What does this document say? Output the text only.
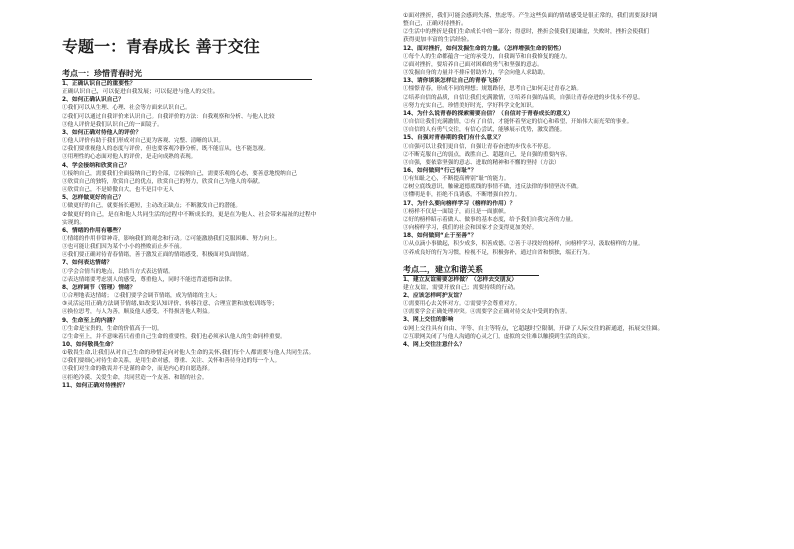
专题一：青春成长 善于交往
考点一：珍惜青春时光
1、正确认识自己的重要性？
正确认识自己，可以促进自我发展；可以促进与他人的交往。
2、如何正确认识自己？
①我们可以从生理、心理、社会等方面来认识自己。
②我们可以通过自我评价来认识自己。自我评价的方法：自我观察和分析、与他人比较
③他人评价是我们认识自己的一面镜子。
3、如何正确对待他人的评价？
①他人评价有助于我们形成对自己更为客观、完整、清晰的认识。
②我们要重视他人的态度与评价，但也要客观冷静分析，既不能盲从，也不能忽视。
③用理性的心态面对他人的评价，是走向成熟的表现。
4、学会接纳和欣赏自己？
①接纳自己，需要我们全面接纳自己的全部，②接纳自己，需要乐观的心态，要善意地悦纳自己
③欣赏自己的独特，欣赏自己的优点，欣赏自己的努力，欣赏自己为他人的奉献。
④欣赏自己，不是娇傲自大，也不是目中无人
5、怎样做更好的自己？
①做更好的自己，就要扬长避短，主动改正缺点；不断激发自己的潜能。
②做更好的自己，是在和他人共同生活的过程中不断成长的，更是在为他人、社会带来福祉的过程中
实现的。
6、情绪的作用有哪些？
①情绪的作用非常神奇，影响我们的观念和行动。②可能激励我们克服困难、努力向上。
③也可能让我们因为某个小小的挫败而止步不前。
④我们要正确对待青春情绪，善于激发正面的情绪感受，积极面对负面情绪。
7、如何表达情绪？
①学会合情当的地点，以恰当方式表达情绪。
②表达情绪要考虑别人的感受，尊重他人，同时不能违背道德和法律。
8、怎样调节（管理）情绪？
①合理地表达情绪； ②我们要学会调节情绪，成为情绪的主人；
③灵活运用正确方法调节情绪,如改变认知评价、转移注意、合理宣泄和放松训练等；
④换位思考，与人为善，顺及他人感受，不得损害他人利益。
9、生命至上的内涵？
①生命是宝贵的，生命的价值高于一切。
②生命至上，并不意味着只看重自己生命的重要性，我们也必须承认他人的生命同样重要。
10、如何敬畏生命？
①敬畏生命,让我们从对自己生命的珍惜走向对他人生命的关怀,我们每个人都需要与他人共同生活。
②我们要细心对待生命关系，是用生命对感，尊重、关注、关怀和善待身边的每一个人。
③我们对生命的敬畏并不是谨的命令，而是内心的自愿选择。
④拒绝冷漠、关爱生命，共同营造一个友善、和谐的社会。
11、如何正确对待挫折？
①面对挫折，我们可能会感到失落、焦虑等。产生这些负面的情绪感受是很正常的，我们需要及时调
整自己，正确对待挫折。
②生活中的挫折是我们生命成长中的一部分；得意时，挫折会使我们更谦虚，失败时，挫折会使我们
获得更加丰富的生活经验。
12、面对挫折，如何发掘生命的力量。（怎样增强生命的韧性）
①每个人的生命都蕴含一定的承受力，自我调节和自我修复的能力。
②面对挫折，要培养自己面对困难的勇气和坚强的意志。
③发掘自身的力量并不排斥借助外力，学会向他人求助助。
13、请你谈谈怎样让自己的青春飞扬？
①憧憬青春，形成不同的理想；规划路径，思考自己如何走过青春之路。
②培养自信的品质，自信让我们充满激情，③培养自强的品质，自强让青春奋进的步伐永不停息。
④努力充实自己，珍惜美好时光，学好科学文化知识。
14、为什么说青春的探索需要自信？（自信对于青春成长的意义）
①自信让我们充满激情，②有了自信，才能怀着坚定的信心和希望，开始伟大而光荣的事业。
③自信的人有勇气交往，有信心尝试，能够展示优势，激发潜能。
15、自强对青春期的我们有什么意义？
①自强可以让我们更自信，自强让青春奋进的步伐永不停息。
②不断克服自己的弱点，战胜自己、超越自己，是自强的重要内容。
③自强，要依靠坚强的意志、进取的精神和不懈的坚持（方法）
16、如何做到“行己有耻”？
①有知耻之心，不断提高辨别“耻”的能力。
②树立底线意识，触碰道德底线的事情不做，违反法律的事情坚决不做。
③懂明是非，拒绝不良诱惑，不断增强自控力。
17、为什么要向榜样学习（榜样的作用）？
①榜样不仅是一面镜子，而且是一面旗帜。
②好的榜样昭示着做人、做事的基本态度，给予我们自我完善的力量。
③向榜样学习，我们的社会和国家才会变得更加美好。
18、如何做到“止于至善”？
①从点滴小事做起，积少成多，积善成德。②善于寻找好的榜样，向榜样学习，汲取榜样的力量。
③养成良好的行为习惯，检视不足，积极弥补，通过自省和慎独，端正行为。
考点二，建立和谐关系
1、建立友谊需要怎样做？（怎样去交朋友）
建立友谊，需要开放自己；需要持续的行动。
2、应该怎样呵护友谊？
①需要用心去关怀对方。②需要学会尊重对方。
③需要学会正确处理冲突。④需要学会正确对待交友中受到的伤害。
3、网上交往的影响
①网上交往具有自由、平等、自主等特点，它超越时空限制，开辟了人际交往的新通道，拓展交往圈。
②互联网关闭了与他人沟通的心灵之门，虚拟的交往难以触摸到生活的真实。
4、网上交往注意什么？
